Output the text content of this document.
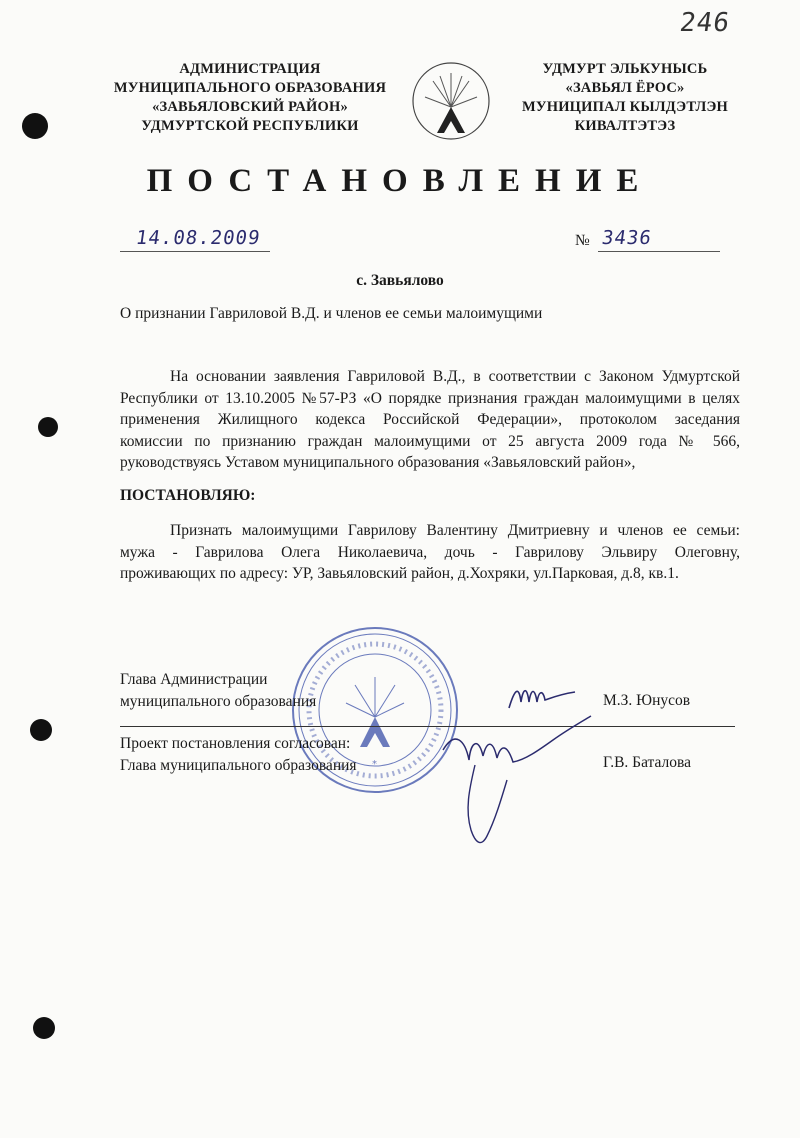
246
АДМИНИСТРАЦИЯ
МУНИЦИПАЛЬНОГО ОБРАЗОВАНИЯ
«ЗАВЬЯЛОВСКИЙ РАЙОН»
УДМУРТСКОЙ РЕСПУБЛИКИ
УДМУРТ ЭЛЬКУНЫСЬ
«ЗАВЬЯЛ ЁРОС»
МУНИЦИПАЛ КЫЛДЭТЛЭН
КИВАЛТЭТЭЗ
ПОСТАНОВЛЕНИЕ
14.08.2009	№ 3436
с. Завьялово
О признании Гавриловой В.Д. и членов ее семьи малоимущими
На основании заявления Гавриловой В.Д., в соответствии с Законом Удмуртской
Республики от 13.10.2005 №57-РЗ «О порядке признания граждан малоимущими в целях
применения Жилищного кодекса Российской Федерации», протоколом заседания
комиссии по признанию граждан малоимущими от 25 августа 2009 года № 566,
руководствуясь Уставом муниципального образования «Завьяловский район»,
ПОСТАНОВЛЯЮ:
Признать малоимущими Гаврилову Валентину Дмитриевну и членов ее семьи:
мужа - Гаврилова Олега Николаевича, дочь - Гаврилову Эльвиру Олеговну,
проживающих по адресу: УР, Завьяловский район, д.Хохряки, ул.Парковая, д.8, кв.1.
*
Глава Администрации
муниципального образования	М.З. Юнусов
Проект постановления согласован:
Глава муниципального образования	Г.В. Баталова
